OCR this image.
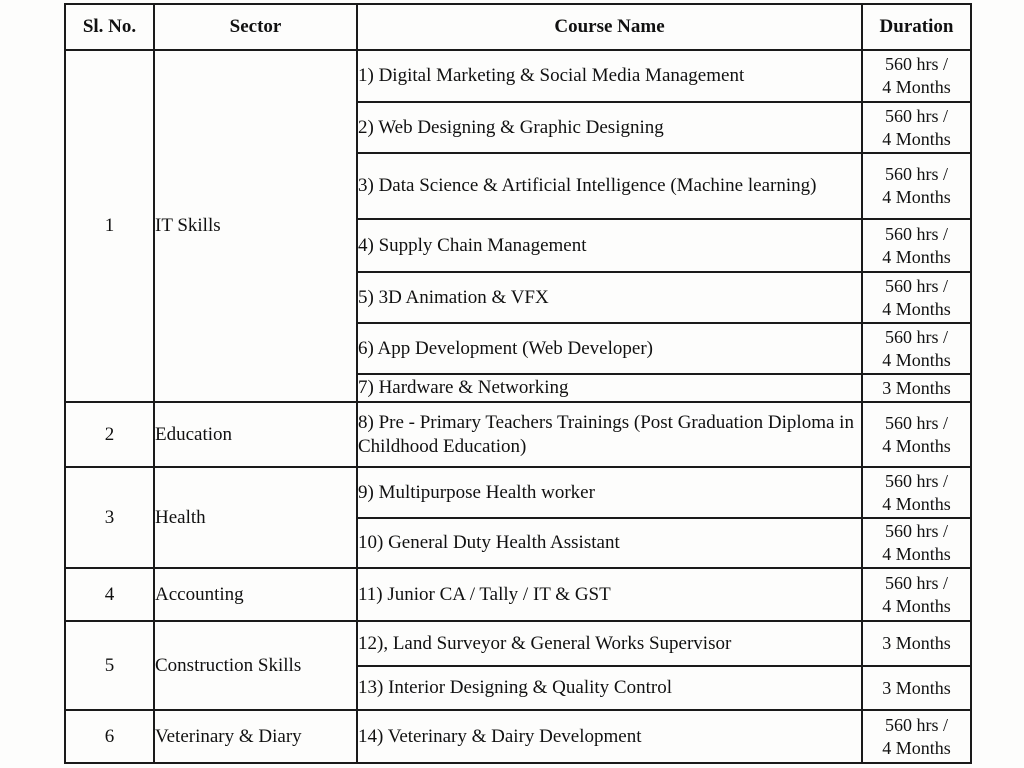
Sl. No.	Sector	Course Name	Duration
1	IT Skills	1) Digital Marketing & Social Media Management	560 hrs /
4 Months

		2) Web Designing & Graphic Designing	560 hrs /
4 Months

		3) Data Science & Artificial Intelligence (Machine learning)	560 hrs /
4 Months

		4) Supply Chain Management	560 hrs /
4 Months

		5) 3D Animation & VFX	560 hrs /
4 Months

		6) App Development (Web Developer)	560 hrs /
4 Months

		7) Hardware & Networking	3 Months

2	Education	8) Pre - Primary Teachers Trainings (Post Graduation Diploma in Childhood Education)	560 hrs /
4 Months

3	Health	9) Multipurpose Health worker	560 hrs /
4 Months

		10) General Duty Health Assistant	560 hrs /
4 Months

4	Accounting	11) Junior CA / Tally / IT & GST	560 hrs /
4 Months

5	Construction Skills	12), Land Surveyor & General Works Supervisor	3 Months

		13) Interior Designing & Quality Control	3 Months

6	Veterinary & Diary	14) Veterinary & Dairy Development	560 hrs /
4 Months
